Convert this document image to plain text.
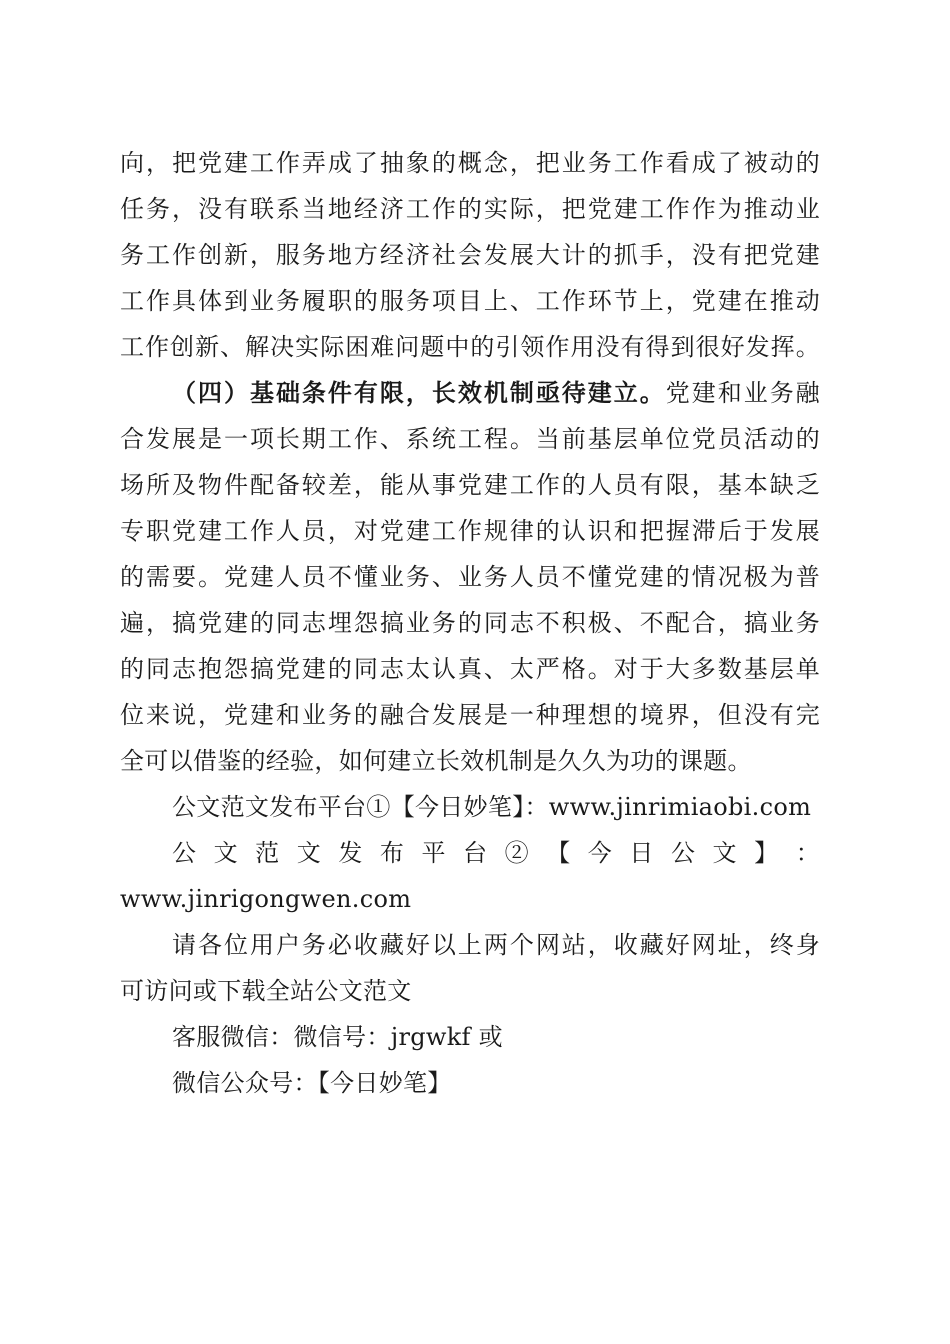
向，把党建工作弄成了抽象的概念，把业务工作看成了被动的
任务，没有联系当地经济工作的实际，把党建工作作为推动业
务工作创新，服务地方经济社会发展大计的抓手，没有把党建
工作具体到业务履职的服务项目上、工作环节上，党建在推动
工作创新、解决实际困难问题中的引领作用没有得到很好发挥。
（四）基础条件有限，长效机制亟待建立。党建和业务融
合发展是一项长期工作、系统工程。当前基层单位党员活动的
场所及物件配备较差，能从事党建工作的人员有限，基本缺乏
专职党建工作人员，对党建工作规律的认识和把握滞后于发展
的需要。党建人员不懂业务、业务人员不懂党建的情况极为普
遍，搞党建的同志埋怨搞业务的同志不积极、不配合，搞业务
的同志抱怨搞党建的同志太认真、太严格。对于大多数基层单
位来说，党建和业务的融合发展是一种理想的境界，但没有完
全可以借鉴的经验，如何建立长效机制是久久为功的课题。
公文范文发布平台①【今日妙笔】：www.jinrimiaobi.com
公 文 范 文 发 布 平 台 ② 【 今 日 公 文 】 ：
www.jinrigongwen.com
请各位用户务必收藏好以上两个网站，收藏好网址，终身
可访问或下载全站公文范文
客服微信：微信号：jrgwkf 或
微信公众号：【今日妙笔】
